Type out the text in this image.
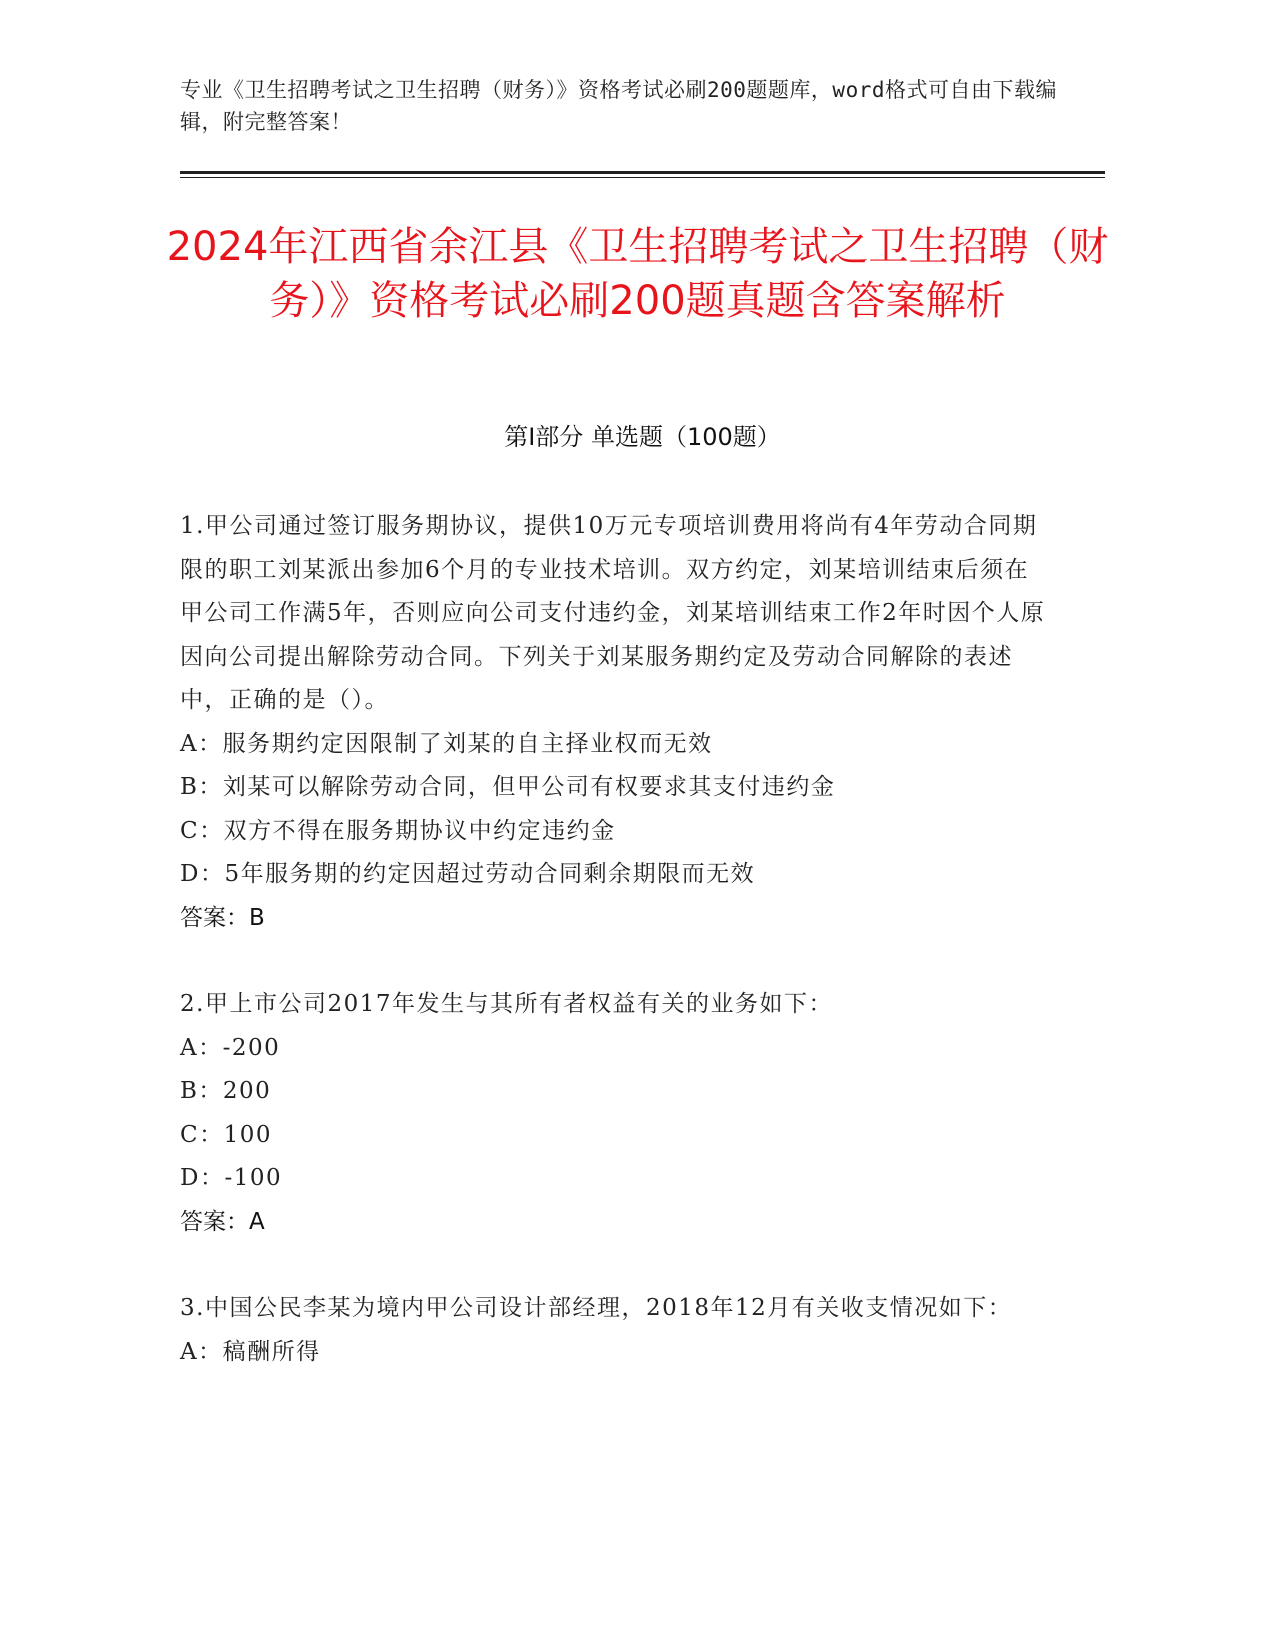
专业《卫生招聘考试之卫生招聘（财务）》资格考试必刷200题题库，word格式可自由下载编辑，附完整答案！
2024年江西省余江县《卫生招聘考试之卫生招聘（财务）》资格考试必刷200题真题含答案解析
第Ⅰ部分 单选题（100题）
1.甲公司通过签订服务期协议，提供10万元专项培训费用将尚有4年劳动合同期限的职工刘某派出参加6个月的专业技术培训。双方约定，刘某培训结束后须在甲公司工作满5年，否则应向公司支付违约金，刘某培训结束工作2年时因个人原因向公司提出解除劳动合同。下列关于刘某服务期约定及劳动合同解除的表述中，正确的是（）。
A：服务期约定因限制了刘某的自主择业权而无效
B：刘某可以解除劳动合同，但甲公司有权要求其支付违约金
C：双方不得在服务期协议中约定违约金
D：5年服务期的约定因超过劳动合同剩余期限而无效
答案：B
2.甲上市公司2017年发生与其所有者权益有关的业务如下：
A：-200
B：200
C：100
D：-100
答案：A
3.中国公民李某为境内甲公司设计部经理，2018年12月有关收支情况如下：
A：稿酬所得
